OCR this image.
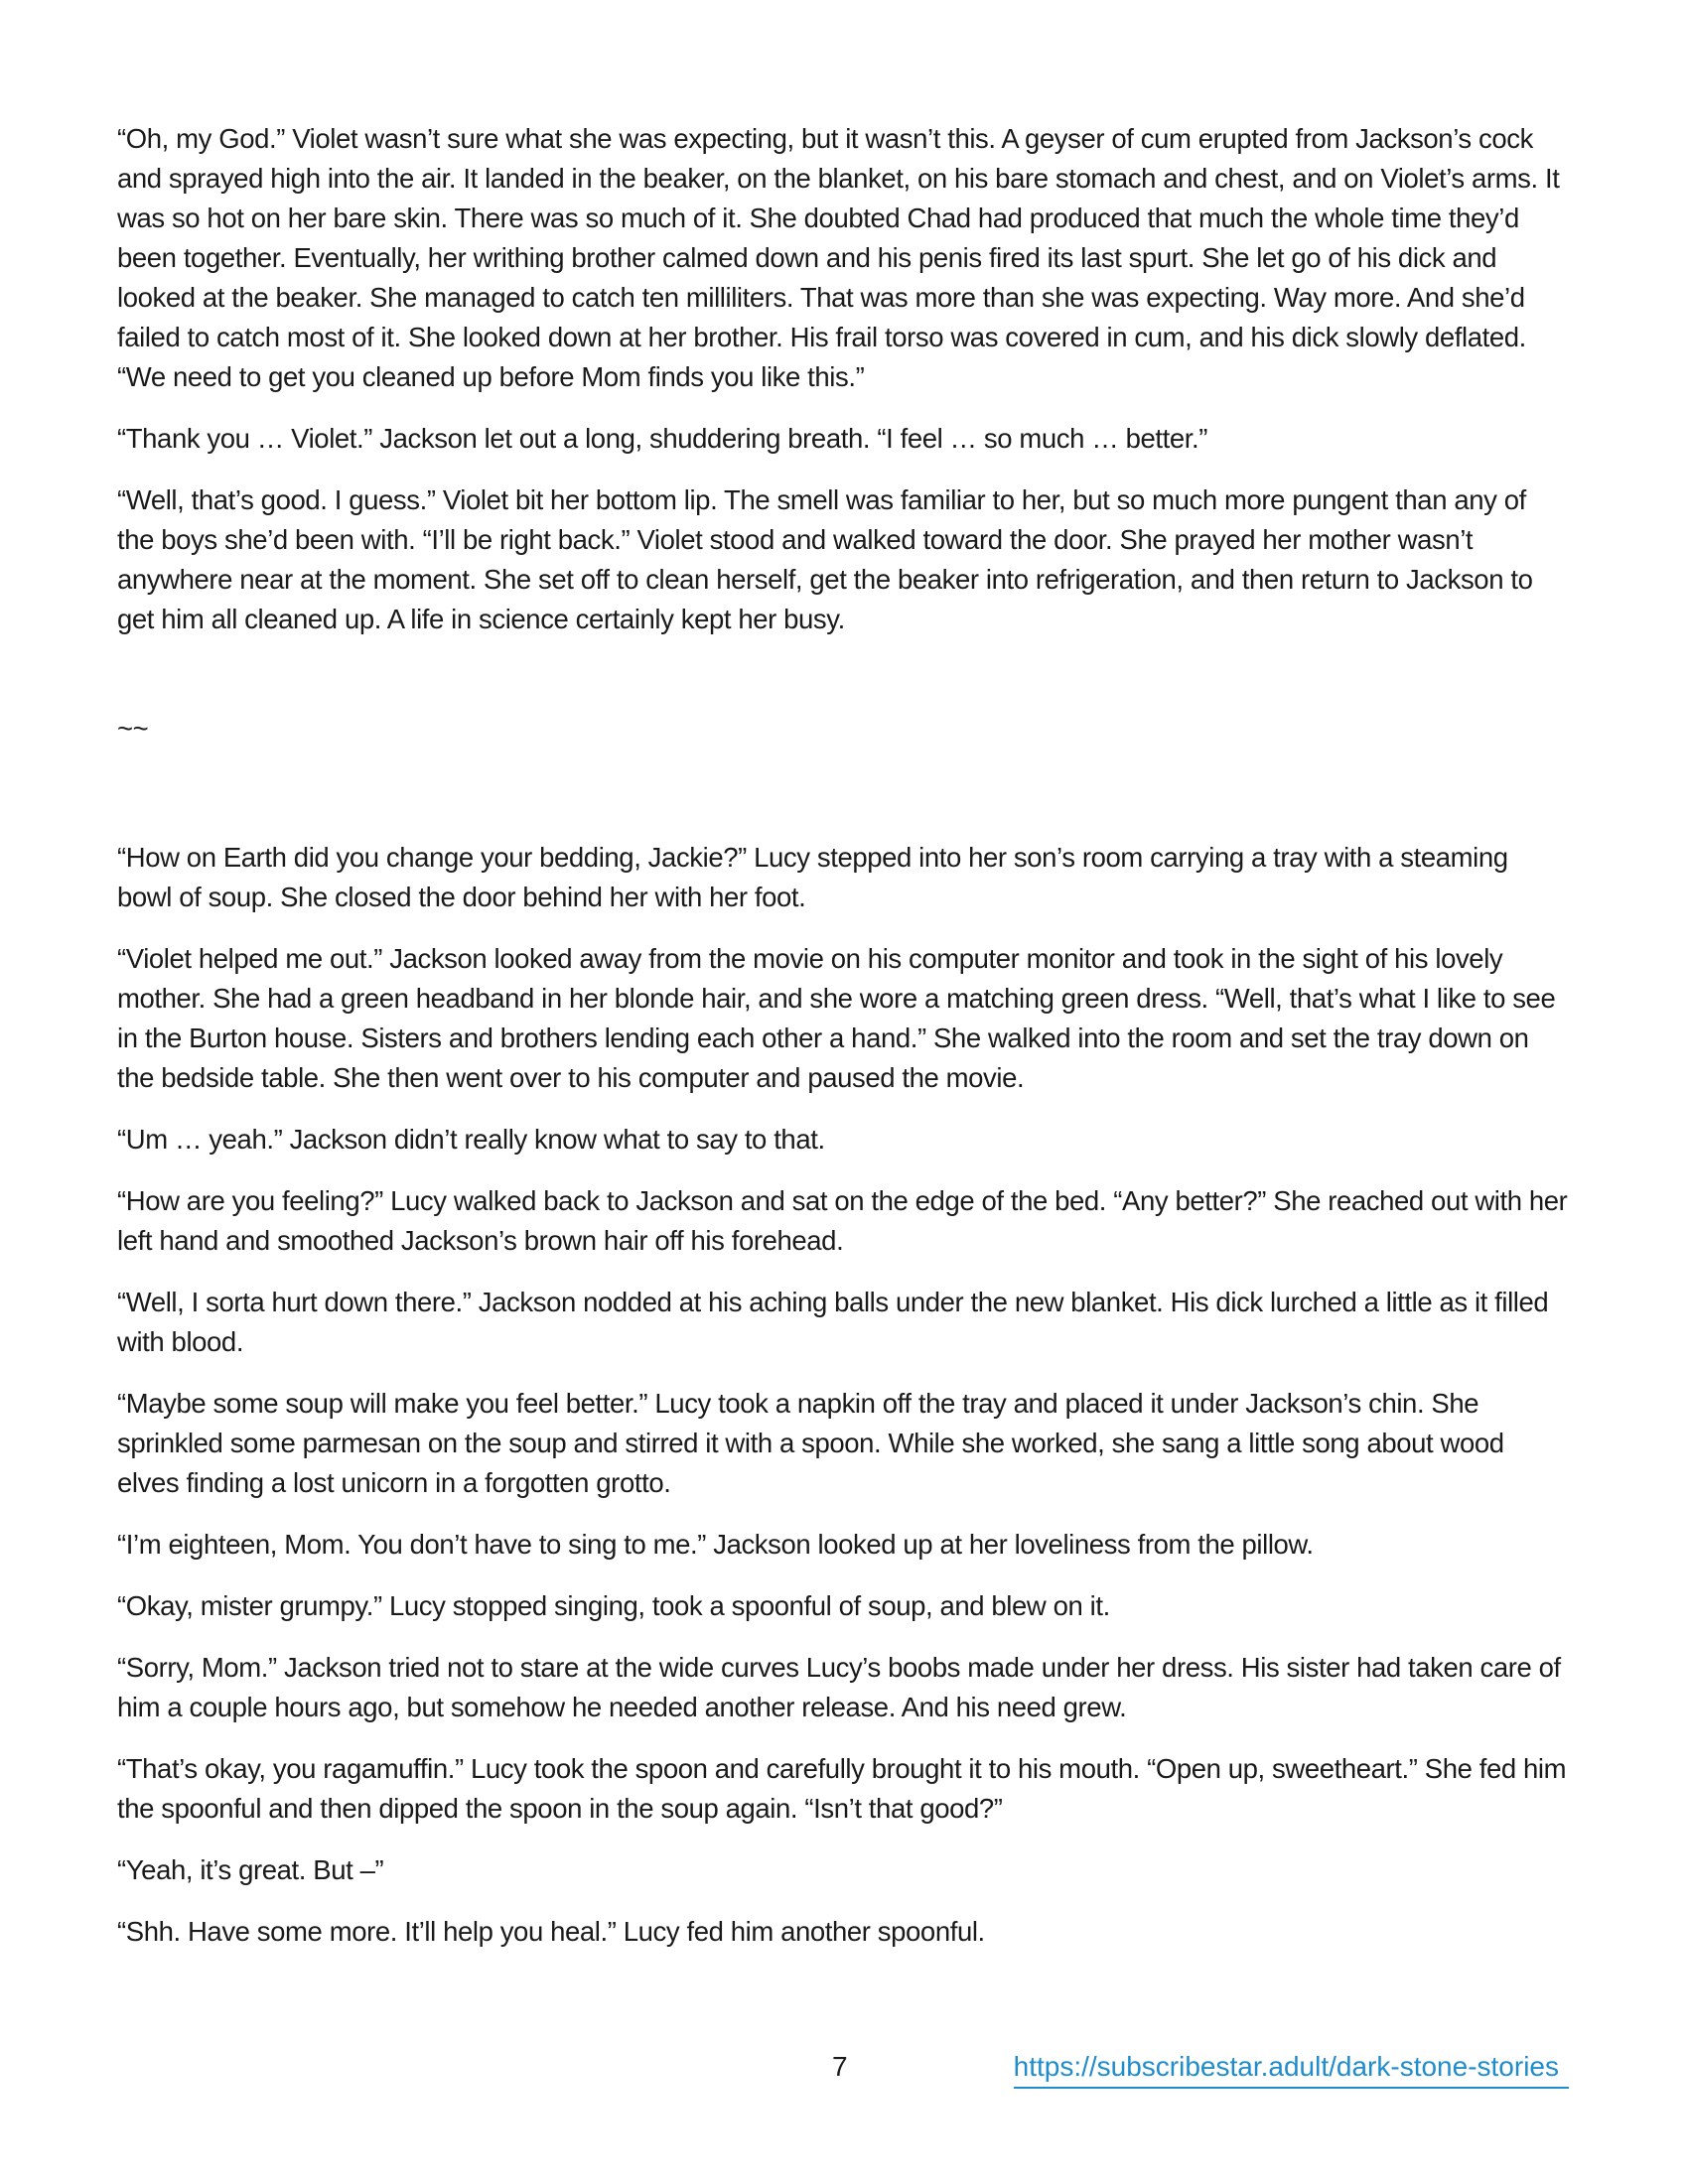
“Oh, my God.” Violet wasn’t sure what she was expecting, but it wasn’t this. A geyser of cum erupted from Jackson’s cock and sprayed high into the air. It landed in the beaker, on the blanket, on his bare stomach and chest, and on Violet’s arms. It was so hot on her bare skin. There was so much of it. She doubted Chad had produced that much the whole time they’d been together. Eventually, her writhing brother calmed down and his penis fired its last spurt. She let go of his dick and looked at the beaker. She managed to catch ten milliliters. That was more than she was expecting. Way more. And she’d failed to catch most of it. She looked down at her brother. His frail torso was covered in cum, and his dick slowly deflated. “We need to get you cleaned up before Mom finds you like this.”

“Thank you … Violet.” Jackson let out a long, shuddering breath. “I feel … so much … better.”

“Well, that’s good. I guess.” Violet bit her bottom lip. The smell was familiar to her, but so much more pungent than any of the boys she’d been with. “I’ll be right back.” Violet stood and walked toward the door. She prayed her mother wasn’t anywhere near at the moment. She set off to clean herself, get the beaker into refrigeration, and then return to Jackson to get him all cleaned up. A life in science certainly kept her busy.

~~

“How on Earth did you change your bedding, Jackie?” Lucy stepped into her son’s room carrying a tray with a steaming bowl of soup. She closed the door behind her with her foot.

“Violet helped me out.” Jackson looked away from the movie on his computer monitor and took in the sight of his lovely mother. She had a green headband in her blonde hair, and she wore a matching green dress. “Well, that’s what I like to see in the Burton house. Sisters and brothers lending each other a hand.” She walked into the room and set the tray down on the bedside table. She then went over to his computer and paused the movie.

“Um … yeah.” Jackson didn’t really know what to say to that.

“How are you feeling?” Lucy walked back to Jackson and sat on the edge of the bed. “Any better?” She reached out with her left hand and smoothed Jackson’s brown hair off his forehead.

“Well, I sorta hurt down there.” Jackson nodded at his aching balls under the new blanket. His dick lurched a little as it filled with blood.

“Maybe some soup will make you feel better.” Lucy took a napkin off the tray and placed it under Jackson’s chin. She sprinkled some parmesan on the soup and stirred it with a spoon. While she worked, she sang a little song about wood elves finding a lost unicorn in a forgotten grotto.

“I’m eighteen, Mom. You don’t have to sing to me.” Jackson looked up at her loveliness from the pillow.

“Okay, mister grumpy.” Lucy stopped singing, took a spoonful of soup, and blew on it.

“Sorry, Mom.” Jackson tried not to stare at the wide curves Lucy’s boobs made under her dress. His sister had taken care of him a couple hours ago, but somehow he needed another release. And his need grew.

“That’s okay, you ragamuffin.” Lucy took the spoon and carefully brought it to his mouth. “Open up, sweetheart.” She fed him the spoonful and then dipped the spoon in the soup again. “Isn’t that good?”

“Yeah, it’s great. But –”

“Shh. Have some more. It’ll help you heal.” Lucy fed him another spoonful.

7	https://subscribestar.adult/dark-stone-stories
